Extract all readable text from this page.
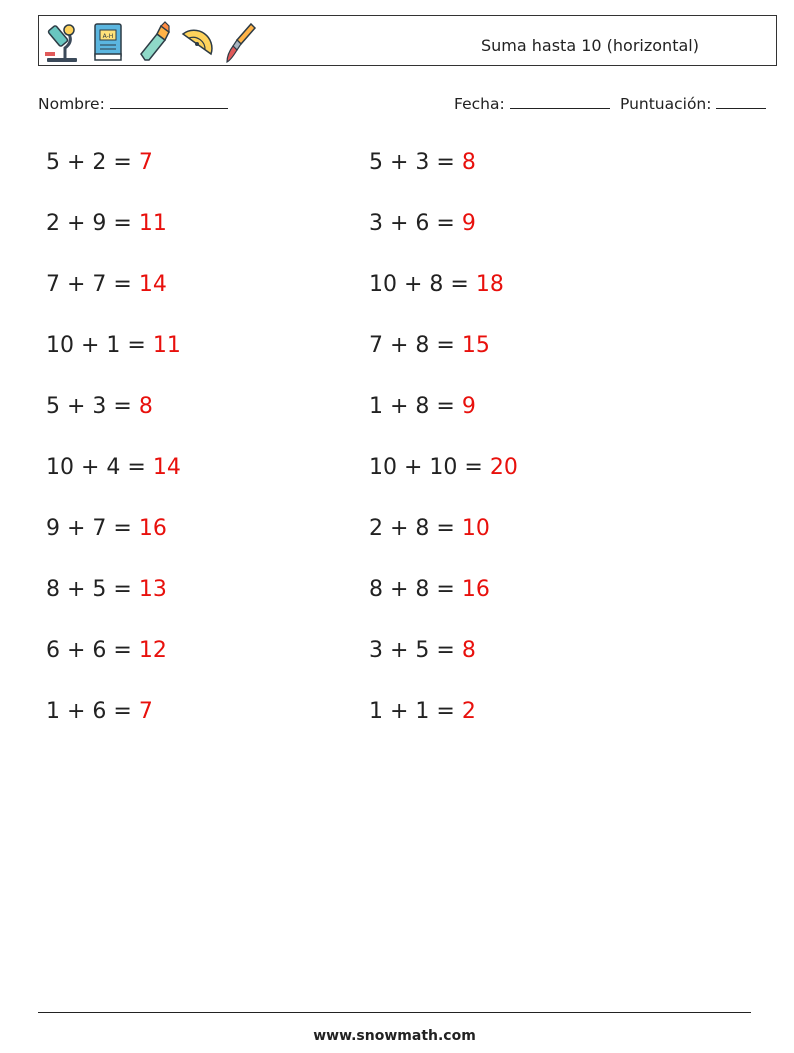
A-H	Suma hasta 10 (horizontal)
Nombre:	Fecha:	Puntuación:
5 + 2 = 7	5 + 3 = 8
2 + 9 = 11	3 + 6 = 9
7 + 7 = 14	10 + 8 = 18
10 + 1 = 11	7 + 8 = 15
5 + 3 = 8	1 + 8 = 9
10 + 4 = 14	10 + 10 = 20
9 + 7 = 16	2 + 8 = 10
8 + 5 = 13	8 + 8 = 16
6 + 6 = 12	3 + 5 = 8
1 + 6 = 7	1 + 1 = 2
www.snowmath.com
